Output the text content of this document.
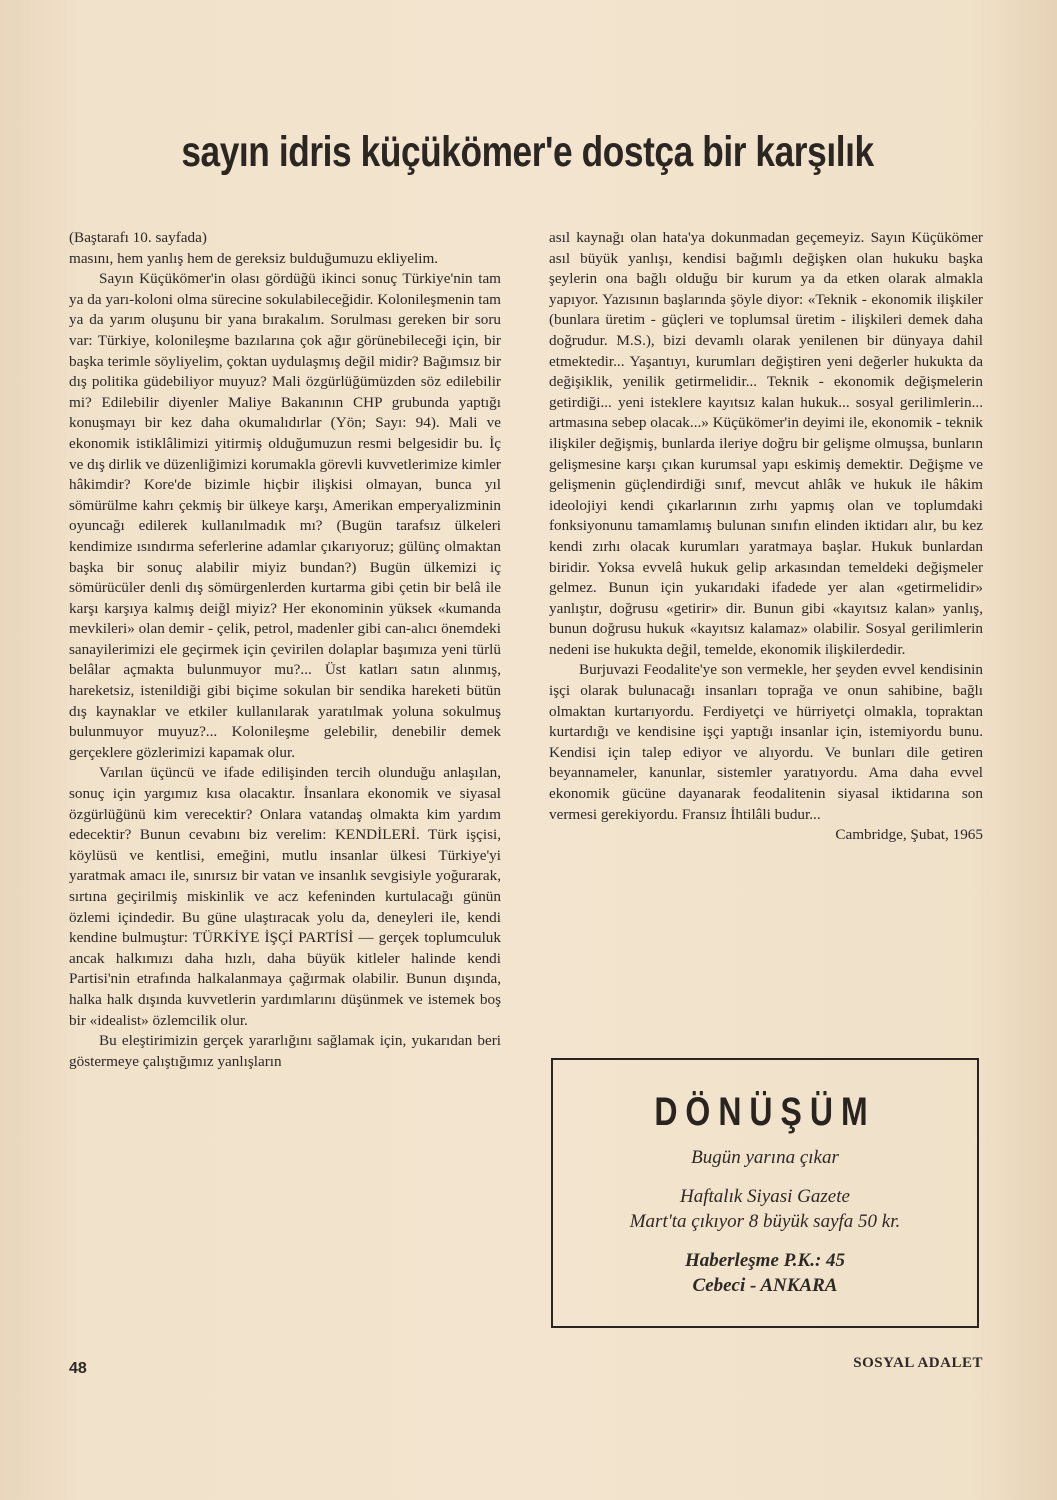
sayın idris küçükömer'e dostça bir karşılık

(Baştarafı 10. sayfada)

masını, hem yanlış hem de gereksiz bulduğumuzu ekliyelim.

Sayın Küçükömer'in olası gördüğü ikinci sonuç Türkiye'nin tam ya da yarı-koloni olma sürecine sokulabileceğidir. Kolonileşmenin tam ya da yarım oluşunu bir yana bırakalım. Sorulması gereken bir soru var: Türkiye, kolonileşme bazılarına çok ağır görünebileceği için, bir başka terimle söyliyelim, çoktan uydulaşmış değil midir? Bağımsız bir dış politika güdebiliyor muyuz? Mali özgürlüğümüzden söz edilebilir mi? Edilebilir diyenler Maliye Bakanının CHP grubunda yaptığı konuşmayı bir kez daha okumalıdırlar (Yön; Sayı: 94). Mali ve ekonomik istiklâlimizi yitirmiş olduğumuzun resmi belgesidir bu. İç ve dış dirlik ve düzenliğimizi korumakla görevli kuvvetlerimize kimler hâkimdir? Kore'de bizimle hiçbir ilişkisi olmayan, bunca yıl sömürülme kahrı çekmiş bir ülkeye karşı, Amerikan emperyalizminin oyuncağı edilerek kullanılmadık mı? (Bugün tarafsız ülkeleri kendimize ısındırma seferlerine adamlar çıkarıyoruz; gülünç olmaktan başka bir sonuç alabilir miyiz bundan?) Bugün ülkemizi iç sömürücüler denli dış sömürgenlerden kurtarma gibi çetin bir belâ ile karşı karşıya kalmış deiğl miyiz? Her ekonominin yüksek «kumanda mevkileri» olan demir - çelik, petrol, madenler gibi can-alıcı önemdeki sanayilerimizi ele geçirmek için çevirilen dolaplar başımıza yeni türlü belâlar açmakta bulunmuyor mu?... Üst katları satın alınmış, hareketsiz, istenildiği gibi biçime sokulan bir sendika hareketi bütün dış kaynaklar ve etkiler kullanılarak yaratılmak yoluna sokulmuş bulunmuyor muyuz?... Kolonileşme gelebilir, denebilir demek gerçeklere gözlerimizi kapamak olur.

Varılan üçüncü ve ifade edilişinden tercih olunduğu anlaşılan, sonuç için yargımız kısa olacaktır. İnsanlara ekonomik ve siyasal özgürlüğünü kim verecektir? Onlara vatandaş olmakta kim yardım edecektir? Bunun cevabını biz verelim: KENDİLERİ. Türk işçisi, köylüsü ve kentlisi, emeğini, mutlu insanlar ülkesi Türkiye'yi yaratmak amacı ile, sınırsız bir vatan ve insanlık sevgisiyle yoğurarak, sırtına geçirilmiş miskinlik ve acz kefeninden kurtulacağı günün özlemi içindedir. Bu güne ulaştıracak yolu da, deneyleri ile, kendi kendine bulmuştur: TÜRKİYE İŞÇİ PARTİSİ — gerçek toplumculuk ancak halkımızı daha hızlı, daha büyük kitleler halinde kendi Partisi'nin etrafında halkalanmaya çağırmak olabilir. Bunun dışında, halka halk dışında kuvvetlerin yardımlarını düşünmek ve istemek boş bir «idealist» özlemcilik olur.

Bu eleştirimizin gerçek yararlığını sağlamak için, yukarıdan beri göstermeye çalıştığımız yanlışların

asıl kaynağı olan hata'ya dokunmadan geçemeyiz. Sayın Küçükömer asıl büyük yanlışı, kendisi bağımlı değişken olan hukuku başka şeylerin ona bağlı olduğu bir kurum ya da etken olarak almakla yapıyor. Yazısının başlarında şöyle diyor: «Teknik - ekonomik ilişkiler (bunlara üretim - güçleri ve toplumsal üretim - ilişkileri demek daha doğrudur. M.S.), bizi devamlı olarak yenilenen bir dünyaya dahil etmektedir... Yaşantıyı, kurumları değiştiren yeni değerler hukukta da değişiklik, yenilik getirmelidir... Teknik - ekonomik değişmelerin getirdiği... yeni isteklere kayıtsız kalan hukuk... sosyal gerilimlerin... artmasına sebep olacak...» Küçükömer'in deyimi ile, ekonomik - teknik ilişkiler değişmiş, bunlarda ileriye doğru bir gelişme olmuşsa, bunların gelişmesine karşı çıkan kurumsal yapı eskimiş demektir. Değişme ve gelişmenin güçlendirdiği sınıf, mevcut ahlâk ve hukuk ile hâkim ideolojiyi kendi çıkarlarının zırhı yapmış olan ve toplumdaki fonksiyonunu tamamlamış bulunan sınıfın elinden iktidarı alır, bu kez kendi zırhı olacak kurumları yaratmaya başlar. Hukuk bunlardan biridir. Yoksa evvelâ hukuk gelip arkasından temeldeki değişmeler gelmez. Bunun için yukarıdaki ifadede yer alan «getirmelidir» yanlıştır, doğrusu «getirir» dir. Bunun gibi «kayıtsız kalan» yanlış, bunun doğrusu hukuk «kayıtsız kalamaz» olabilir. Sosyal gerilimlerin nedeni ise hukukta değil, temelde, ekonomik ilişkilerdedir.

Burjuvazi Feodalite'ye son vermekle, her şeyden evvel kendisinin işçi olarak bulunacağı insanları toprağa ve onun sahibine, bağlı olmaktan kurtarıyordu. Ferdiyetçi ve hürriyetçi olmakla, topraktan kurtardığı ve kendisine işçi yaptığı insanlar için, istemiyordu bunu. Kendisi için talep ediyor ve alıyordu. Ve bunları dile getiren beyannameler, kanunlar, sistemler yaratıyordu. Ama daha evvel ekonomik gücüne dayanarak feodalitenin siyasal iktidarına son vermesi gerekiyordu. Fransız İhtilâli budur...

Cambridge, Şubat, 1965

DÖNÜŞÜM
Bugün yarına çıkar
Haftalık Siyasi Gazete
Mart'ta çıkıyor 8 büyük sayfa 50 kr.
Haberleşme P.K.: 45
Cebeci - ANKARA
48	SOSYAL ADALET
